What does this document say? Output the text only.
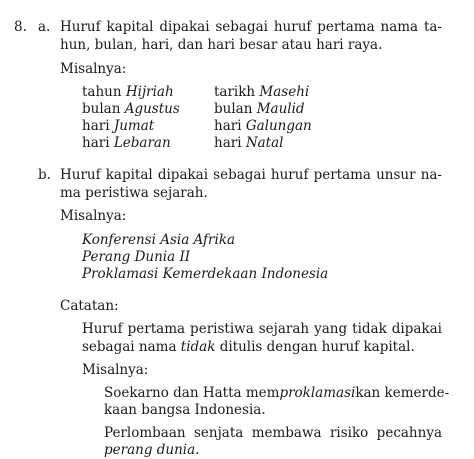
8. a. Huruf kapital dipakai sebagai huruf pertama nama ta-
hun, bulan, hari, dan hari besar atau hari raya.
Misalnya:
tahun Hijriah	tarikh Masehi
bulan Agustus	bulan Maulid
hari Jumat	hari Galungan
hari Lebaran	hari Natal
b. Huruf kapital dipakai sebagai huruf pertama unsur na-
ma peristiwa sejarah.
Misalnya:
Konferensi Asia Afrika
Perang Dunia II
Proklamasi Kemerdekaan Indonesia
Catatan:
Huruf pertama peristiwa sejarah yang tidak dipakai
sebagai nama tidak ditulis dengan huruf kapital.
Misalnya:
Soekarno dan Hatta memproklamasikan kemerde-
kaan bangsa Indonesia.
Perlombaan senjata membawa risiko pecahnya
perang dunia.
